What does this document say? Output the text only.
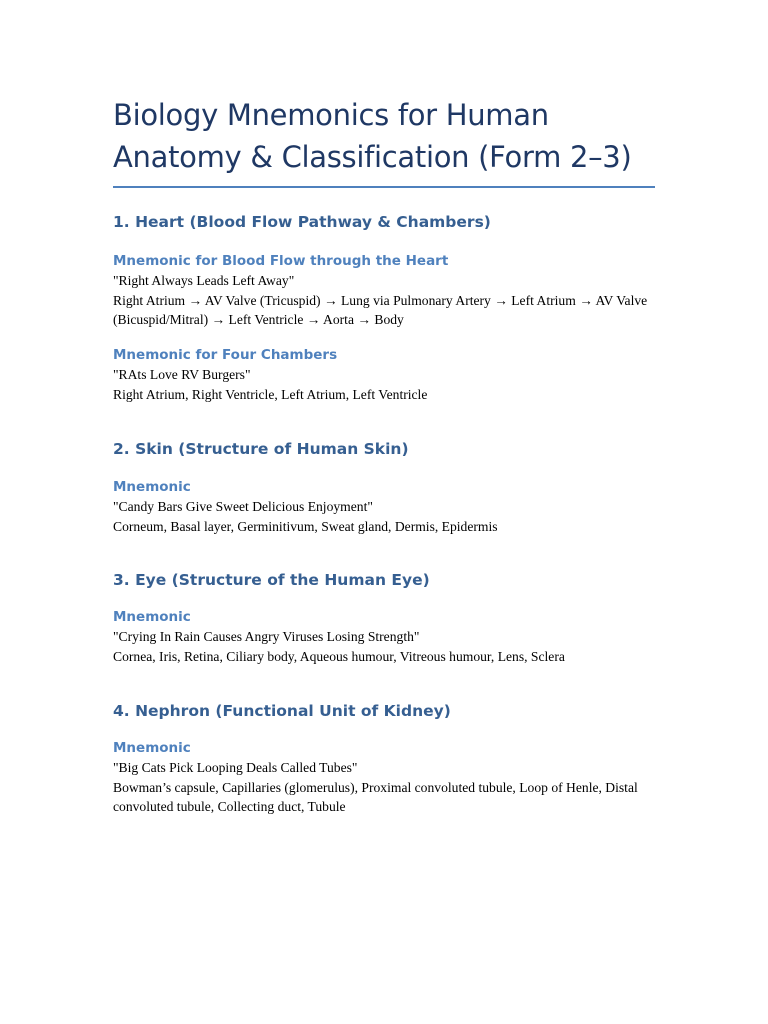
Biology Mnemonics for Human Anatomy & Classification (Form 2–3)
1. Heart (Blood Flow Pathway & Chambers)
Mnemonic for Blood Flow through the Heart

"Right Always Leads Left Away"

Right Atrium → AV Valve (Tricuspid) → Lung via Pulmonary Artery → Left Atrium → AV Valve (Bicuspid/Mitral) → Left Ventricle → Aorta → Body

Mnemonic for Four Chambers

"RAts Love RV Burgers"

Right Atrium, Right Ventricle, Left Atrium, Left Ventricle

2. Skin (Structure of Human Skin)
Mnemonic

"Candy Bars Give Sweet Delicious Enjoyment"

Corneum, Basal layer, Germinitivum, Sweat gland, Dermis, Epidermis

3. Eye (Structure of the Human Eye)
Mnemonic

"Crying In Rain Causes Angry Viruses Losing Strength"

Cornea, Iris, Retina, Ciliary body, Aqueous humour, Vitreous humour, Lens, Sclera

4. Nephron (Functional Unit of Kidney)
Mnemonic

"Big Cats Pick Looping Deals Called Tubes"

Bowman’s capsule, Capillaries (glomerulus), Proximal convoluted tubule, Loop of Henle, Distal convoluted tubule, Collecting duct, Tubule
